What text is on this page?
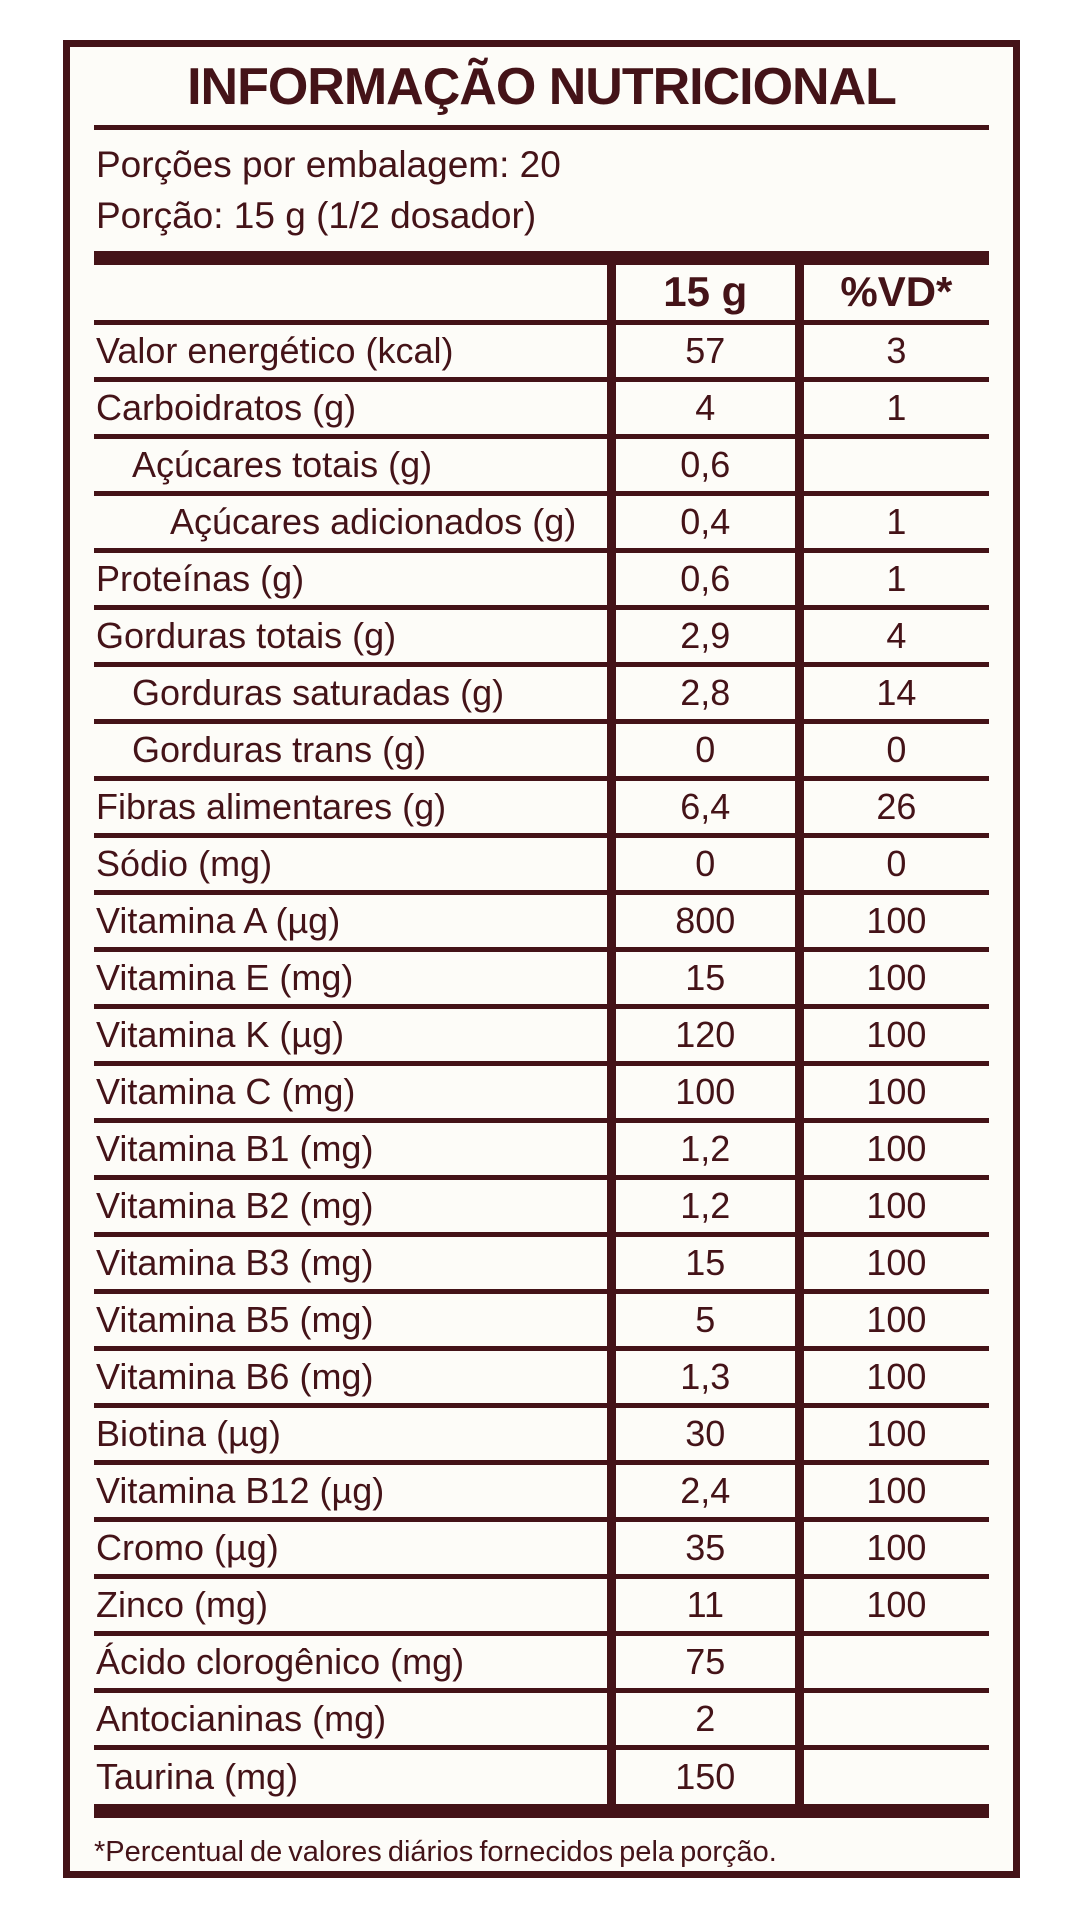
INFORMAÇÃO NUTRICIONAL
Porções por embalagem: 20
Porção: 15 g (1/2 dosador)
	15 g	%VD*
Valor energético (kcal)	57	3
Carboidratos (g)	4	1
Açúcares totais (g)	0,6	
Açúcares adicionados (g)	0,4	1
Proteínas (g)	0,6	1
Gorduras totais (g)	2,9	4
Gorduras saturadas (g)	2,8	14
Gorduras trans (g)	0	0
Fibras alimentares (g)	6,4	26
Sódio (mg)	0	0
Vitamina A (µg)	800	100
Vitamina E (mg)	15	100
Vitamina K (µg)	120	100
Vitamina C (mg)	100	100
Vitamina B1 (mg)	1,2	100
Vitamina B2 (mg)	1,2	100
Vitamina B3 (mg)	15	100
Vitamina B5 (mg)	5	100
Vitamina B6 (mg)	1,3	100
Biotina (µg)	30	100
Vitamina B12 (µg)	2,4	100
Cromo (µg)	35	100
Zinco (mg)	11	100
Ácido clorogênico (mg)	75	
Antocianinas (mg)	2	
Taurina (mg)	150	
*Percentual de valores diários fornecidos pela porção.
